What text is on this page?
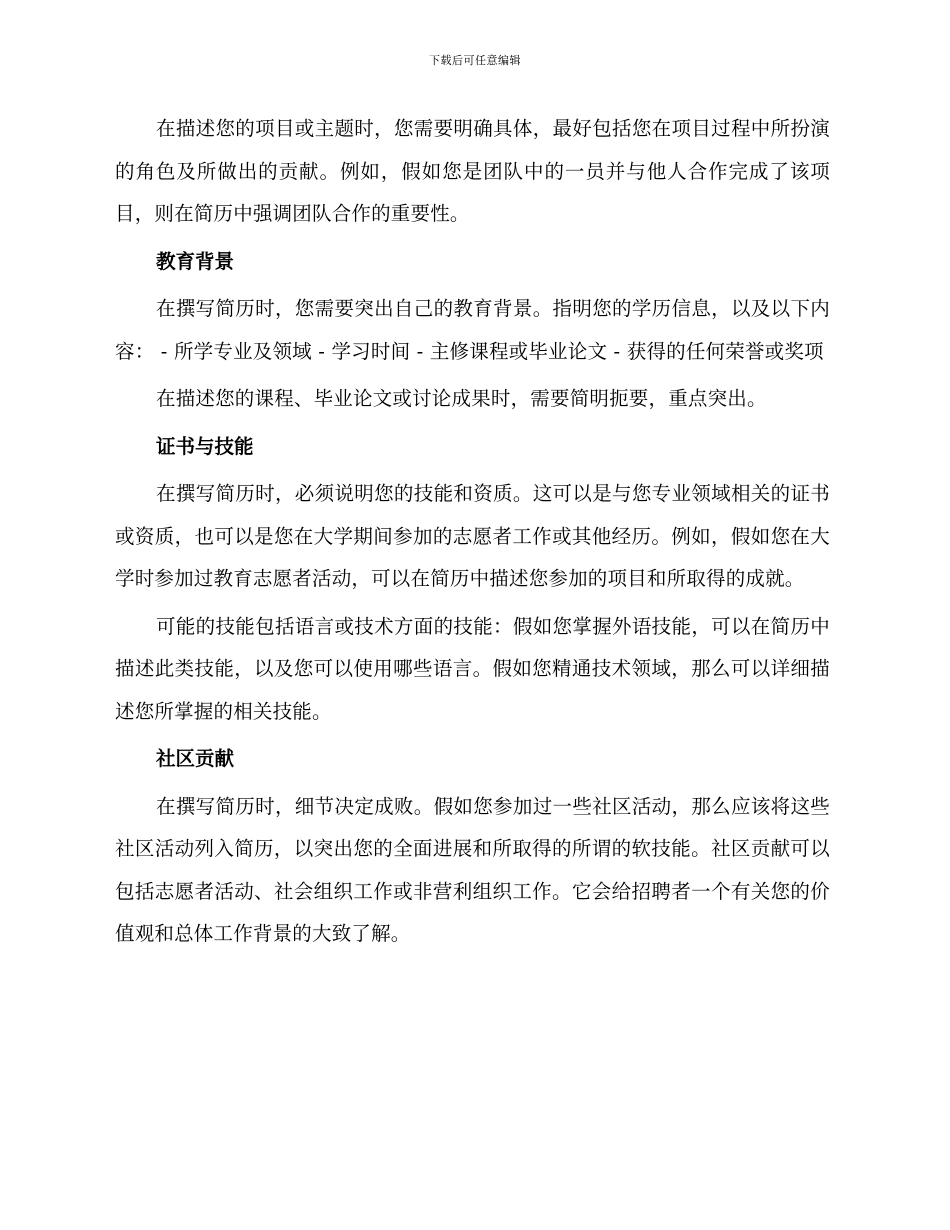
下载后可任意编辑

在描述您的项目或主题时，您需要明确具体，最好包括您在项目过程中所扮演的角色及所做出的贡献。例如，假如您是团队中的一员并与他人合作完成了该项目，则在简历中强调团队合作的重要性。

教育背景

在撰写简历时，您需要突出自己的教育背景。指明您的学历信息，以及以下内容： - 所学专业及领域 - 学习时间 - 主修课程或毕业论文 - 获得的任何荣誉或奖项

在描述您的课程、毕业论文或讨论成果时，需要简明扼要，重点突出。

证书与技能

在撰写简历时，必须说明您的技能和资质。这可以是与您专业领域相关的证书或资质，也可以是您在大学期间参加的志愿者工作或其他经历。例如，假如您在大学时参加过教育志愿者活动，可以在简历中描述您参加的项目和所取得的成就。

可能的技能包括语言或技术方面的技能：假如您掌握外语技能，可以在简历中描述此类技能，以及您可以使用哪些语言。假如您精通技术领域，那么可以详细描述您所掌握的相关技能。

社区贡献

在撰写简历时，细节决定成败。假如您参加过一些社区活动，那么应该将这些社区活动列入简历，以突出您的全面进展和所取得的所谓的软技能。社区贡献可以包括志愿者活动、社会组织工作或非营利组织工作。它会给招聘者一个有关您的价值观和总体工作背景的大致了解。
